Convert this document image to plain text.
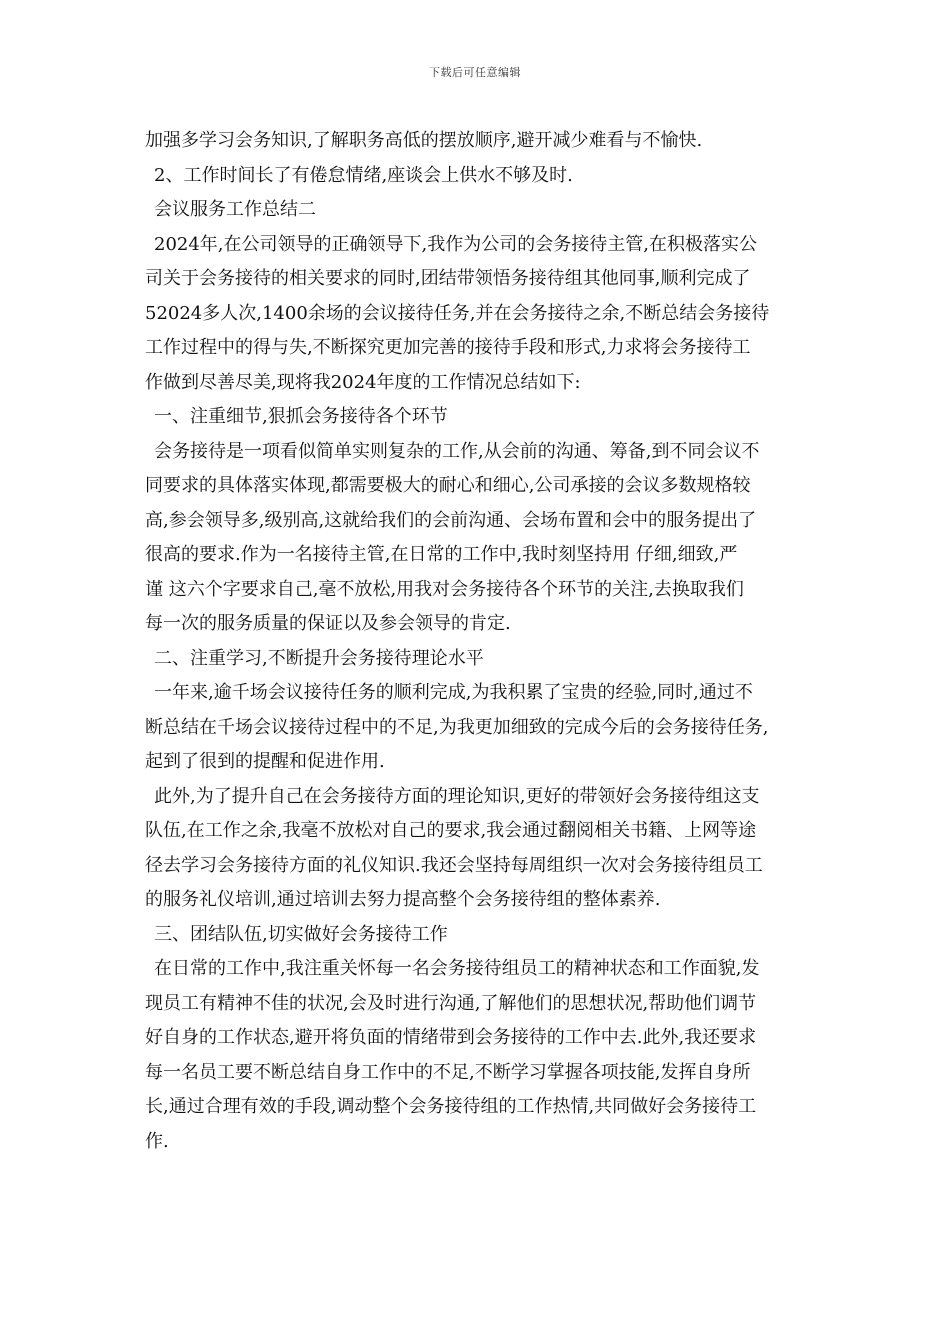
下载后可任意编辑
加强多学习会务知识,了解职务高低的摆放顺序,避开减少难看与不愉快.
2、工作时间长了有倦怠情绪,座谈会上供水不够及时.
会议服务工作总结二
2024年,在公司领导的正确领导下,我作为公司的会务接待主管,在积极落实公
司关于会务接待的相关要求的同时,团结带领悟务接待组其他同事,顺利完成了
52024多人次,1400余场的会议接待任务,并在会务接待之余,不断总结会务接待
工作过程中的得与失,不断探究更加完善的接待手段和形式,力求将会务接待工
作做到尽善尽美,现将我2024年度的工作情况总结如下:
一、注重细节,狠抓会务接待各个环节
会务接待是一项看似简单实则复杂的工作,从会前的沟通、筹备,到不同会议不
同要求的具体落实体现,都需要极大的耐心和细心,公司承接的会议多数规格较
高,参会领导多,级别高,这就给我们的会前沟通、会场布置和会中的服务提出了
很高的要求.作为一名接待主管,在日常的工作中,我时刻坚持用 仔细,细致,严
谨 这六个字要求自己,毫不放松,用我对会务接待各个环节的关注,去换取我们
每一次的服务质量的保证以及参会领导的肯定.
二、注重学习,不断提升会务接待理论水平
一年来,逾千场会议接待任务的顺利完成,为我积累了宝贵的经验,同时,通过不
断总结在千场会议接待过程中的不足,为我更加细致的完成今后的会务接待任务,
起到了很到的提醒和促进作用.
此外,为了提升自己在会务接待方面的理论知识,更好的带领好会务接待组这支
队伍,在工作之余,我毫不放松对自己的要求,我会通过翻阅相关书籍、上网等途
径去学习会务接待方面的礼仪知识.我还会坚持每周组织一次对会务接待组员工
的服务礼仪培训,通过培训去努力提高整个会务接待组的整体素养.
三、团结队伍,切实做好会务接待工作
在日常的工作中,我注重关怀每一名会务接待组员工的精神状态和工作面貌,发
现员工有精神不佳的状况,会及时进行沟通,了解他们的思想状况,帮助他们调节
好自身的工作状态,避开将负面的情绪带到会务接待的工作中去.此外,我还要求
每一名员工要不断总结自身工作中的不足,不断学习掌握各项技能,发挥自身所
长,通过合理有效的手段,调动整个会务接待组的工作热情,共同做好会务接待工
作.
